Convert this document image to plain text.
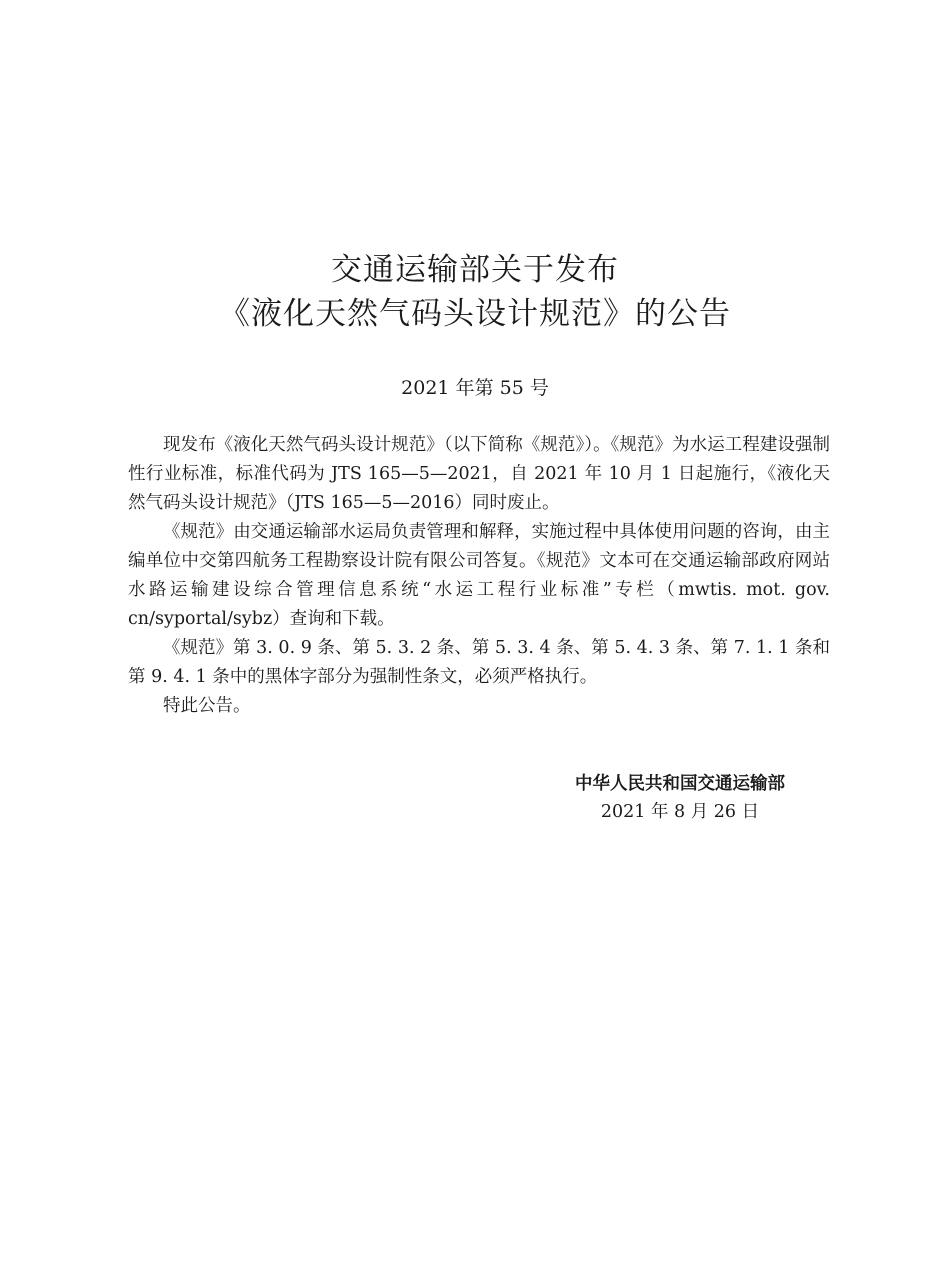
交通运输部关于发布
《液化天然气码头设计规范》的公告
2021 年第 55 号

现发布《液化天然气码头设计规范》（以下简称《规范》）。《规范》为水运工程建设强制性行业标准，标准代码为 JTS 165—5—2021，自 2021 年 10 月 1 日起施行，《液化天然气码头设计规范》（JTS 165—5—2016）同时废止。

《规范》由交通运输部水运局负责管理和解释，实施过程中具体使用问题的咨询，由主编单位中交第四航务工程勘察设计院有限公司答复。《规范》文本可在交通运输部政府网站水路运输建设综合管理信息系统“水运工程行业标准”专栏（mwtis. mot. gov. cn/syportal/sybz）查询和下载。

《规范》第 3. 0. 9 条、第 5. 3. 2 条、第 5. 3. 4 条、第 5. 4. 3 条、第 7. 1. 1 条和第 9. 4. 1 条中的黑体字部分为强制性条文，必须严格执行。

特此公告。

中华人民共和国交通运输部
2021 年 8 月 26 日
